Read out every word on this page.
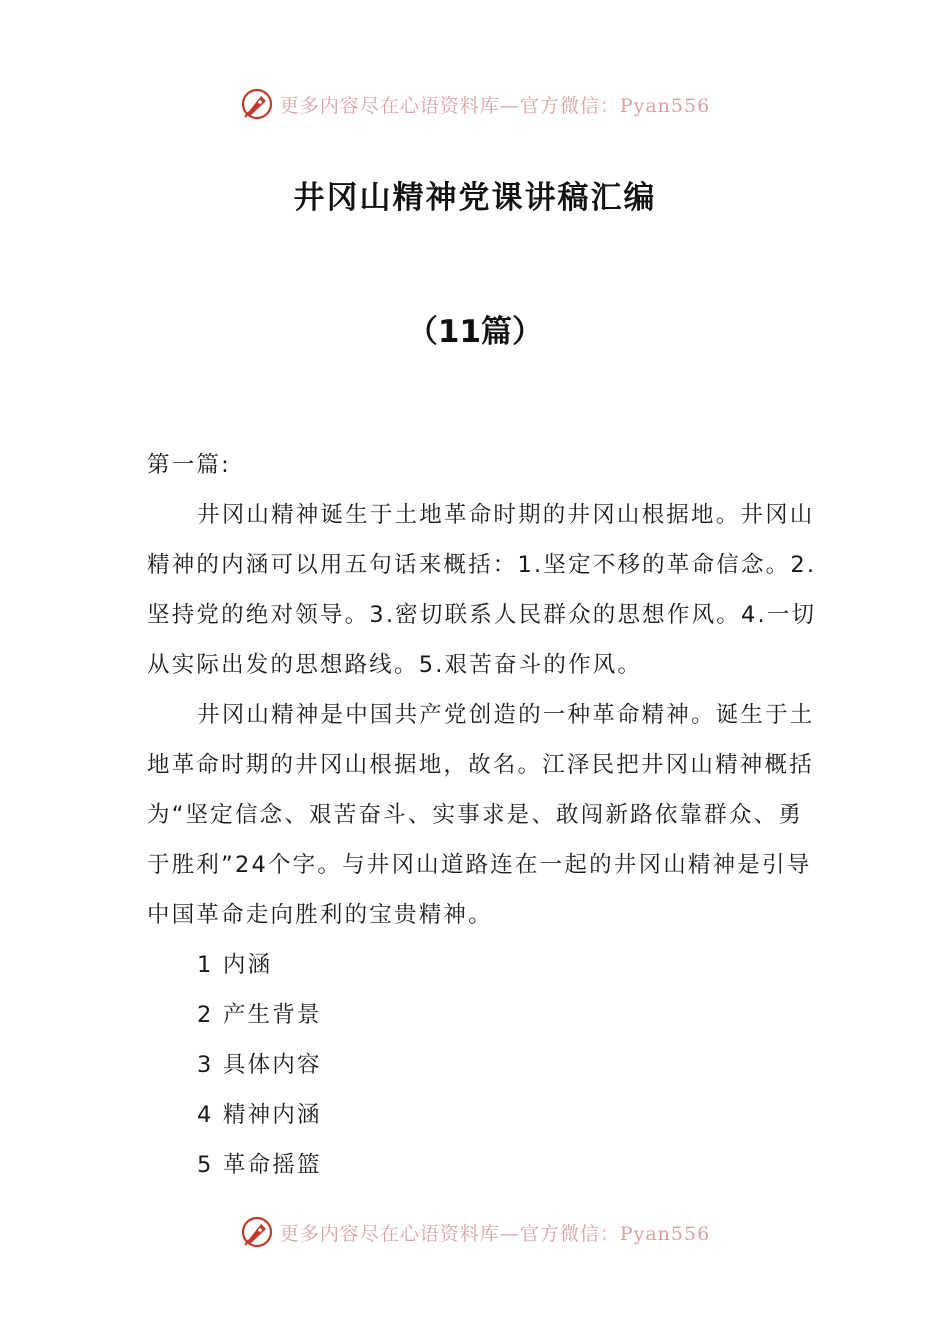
更多内容尽在心语资料库—官方微信：Pyan556
井冈山精神党课讲稿汇编
（11篇）

第一篇:

井冈山精神诞生于土地革命时期的井冈山根据地。井冈山精神的内涵可以用五句话来概括：1.坚定不移的革命信念。2.坚持党的绝对领导。3.密切联系人民群众的思想作风。4.一切从实际出发的思想路线。5.艰苦奋斗的作风。

井冈山精神是中国共产党创造的一种革命精神。诞生于土地革命时期的井冈山根据地，故名。江泽民把井冈山精神概括为“坚定信念、艰苦奋斗、实事求是、敢闯新路依靠群众、勇于胜利”24个字。与井冈山道路连在一起的井冈山精神是引导中国革命走向胜利的宝贵精神。

1 内涵

2 产生背景

3 具体内容

4 精神内涵

5 革命摇篮

更多内容尽在心语资料库—官方微信：Pyan556
